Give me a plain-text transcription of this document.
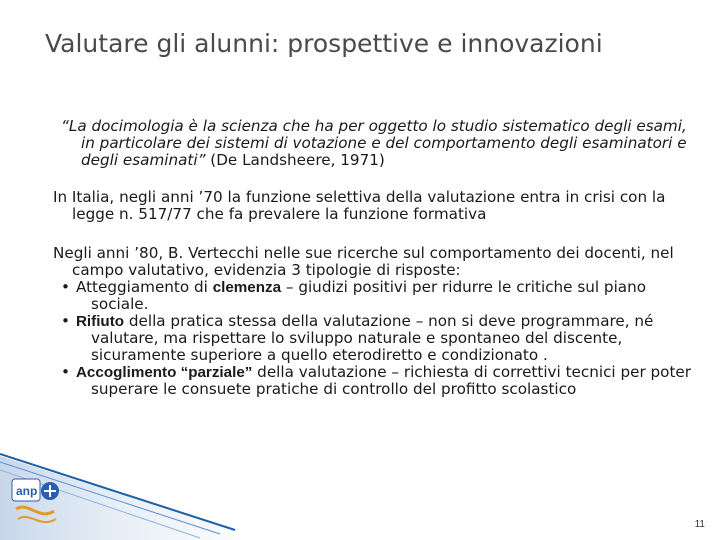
Valutare gli alunni: prospettive e innovazioni

“La docimologia è la scienza che ha per oggetto lo studio sistematico degli esami, in particolare dei sistemi di votazione e del comportamento degli esaminatori e degli esaminati” (De Landsheere, 1971)

In Italia, negli anni ’70 la funzione selettiva della valutazione entra in crisi con la legge n. 517/77 che fa prevalere la funzione formativa

Negli anni ’80, B. Vertecchi nelle sue ricerche sul comportamento dei docenti, nel campo valutativo, evidenzia 3 tipologie di risposte:

• Atteggiamento di clemenza – giudizi positivi per ridurre le critiche sul piano sociale.

• Rifiuto della pratica stessa della valutazione – non si deve programmare, né valutare, ma rispettare lo sviluppo naturale e spontaneo del discente, sicuramente superiore a quello eterodiretto e condizionato .

• Accoglimento “parziale” della valutazione – richiesta di correttivi tecnici per poter superare le consuete pratiche di controllo del profitto scolastico

anp
11
